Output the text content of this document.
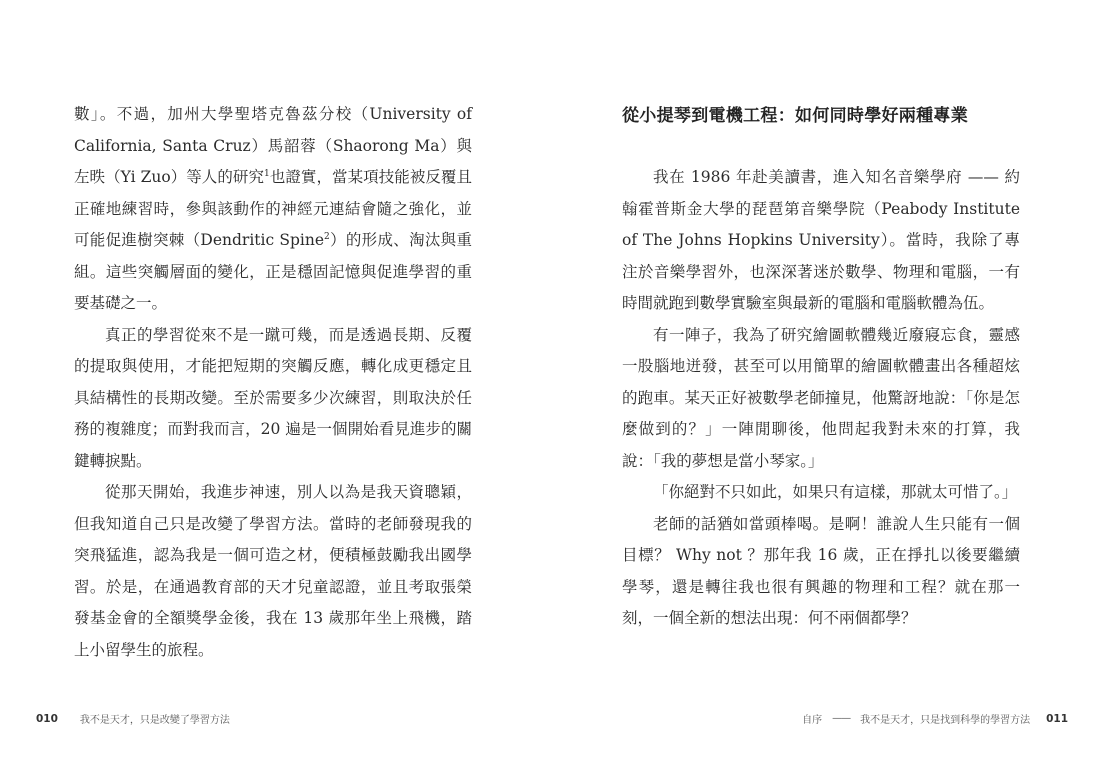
數」。不過，加州大學聖塔克魯茲分校（University of California, Santa Cruz）馬韶蓉（Shaorong Ma）與左昳（Yi Zuo）等人的研究$^1$也證實，當某項技能被反覆且正確地練習時，參與該動作的神經元連結會隨之強化，並可能促進樹突棘（Dendritic Spine$^2$）的形成、淘汰與重組。這些突觸層面的變化，正是穩固記憶與促進學習的重要基礎之一。

真正的學習從來不是一蹴可幾，而是透過長期、反覆的提取與使用，才能把短期的突觸反應，轉化成更穩定且具結構性的長期改變。至於需要多少次練習，則取決於任務的複雜度；而對我而言，20 遍是一個開始看見進步的關鍵轉捩點。

從那天開始，我進步神速，別人以為是我天資聰穎，但我知道自己只是改變了學習方法。當時的老師發現我的突飛猛進，認為我是一個可造之材，便積極鼓勵我出國學習。於是，在通過教育部的天才兒童認證，並且考取張榮發基金會的全額獎學金後，我在 13 歲那年坐上飛機，踏上小留學生的旅程。

010 我不是天才，只是改變了學習方法
從小提琴到電機工程：如何同時學好兩種專業

我在 1986 年赴美讀書，進入知名音樂學府 —— 約翰霍普斯金大學的琵琶第音樂學院（Peabody Institute of The Johns Hopkins University）。當時，我除了專注於音樂學習外，也深深著迷於數學、物理和電腦，一有時間就跑到數學實驗室與最新的電腦和電腦軟體為伍。

有一陣子，我為了研究繪圖軟體幾近廢寢忘食，靈感一股腦地迸發，甚至可以用簡單的繪圖軟體畫出各種超炫的跑車。某天正好被數學老師撞見，他驚訝地說：「你是怎麼做到的？」一陣閒聊後，他問起我對未來的打算，我說：「我的夢想是當小琴家。」

「你絕對不只如此，如果只有這樣，那就太可惜了。」

老師的話猶如當頭棒喝。是啊！誰說人生只能有一個目標？ Why not ？那年我 16 歲，正在掙扎以後要繼續學琴，還是轉往我也很有興趣的物理和工程？就在那一刻，一個全新的想法出現：何不兩個都學？

自序 —— 我不是天才，只是找到科學的學習方法 011
